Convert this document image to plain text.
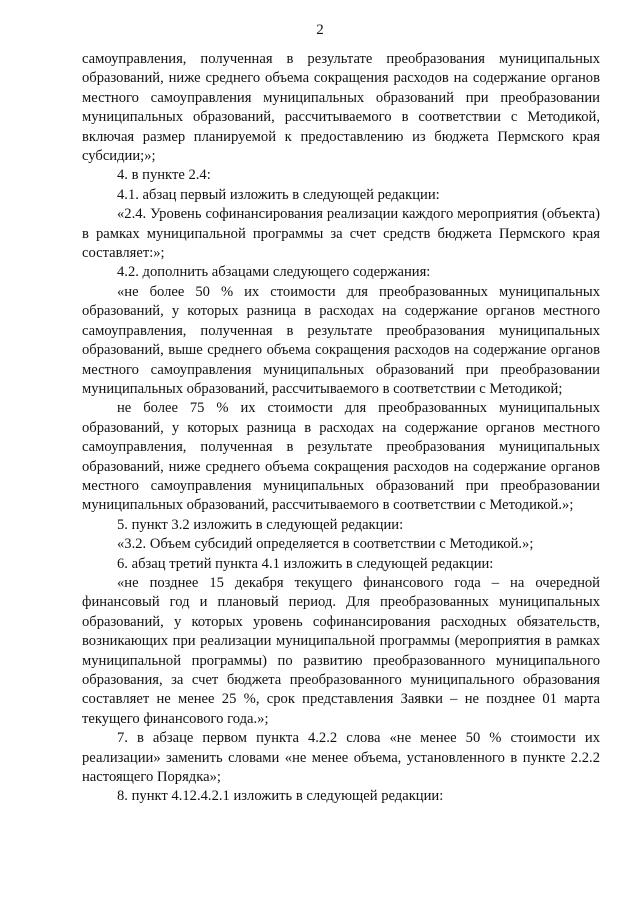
2

самоуправления, полученная в результате преобразования муниципальных образований, ниже среднего объема сокращения расходов на содержание органов местного самоуправления муниципальных образований при преобразовании муниципальных образований, рассчитываемого в соответствии с Методикой, включая размер планируемой к предоставлению из бюджета Пермского края субсидии;»;

4. в пункте 2.4:

4.1. абзац первый изложить в следующей редакции:

«2.4. Уровень софинансирования реализации каждого мероприятия (объекта) в рамках муниципальной программы за счет средств бюджета Пермского края составляет:»;

4.2. дополнить абзацами следующего содержания:

«не более 50 % их стоимости для преобразованных муниципальных образований, у которых разница в расходах на содержание органов местного самоуправления, полученная в результате преобразования муниципальных образований, выше среднего объема сокращения расходов на содержание органов местного самоуправления муниципальных образований при преобразовании муниципальных образований, рассчитываемого в соответствии с Методикой;

не более 75 % их стоимости для преобразованных муниципальных образований, у которых разница в расходах на содержание органов местного самоуправления, полученная в результате преобразования муниципальных образований, ниже среднего объема сокращения расходов на содержание органов местного самоуправления муниципальных образований при преобразовании муниципальных образований, рассчитываемого в соответствии с Методикой.»;

5. пункт 3.2 изложить в следующей редакции:

«3.2. Объем субсидий определяется в соответствии с Методикой.»;

6. абзац третий пункта 4.1 изложить в следующей редакции:

«не позднее 15 декабря текущего финансового года – на очередной финансовый год и плановый период. Для преобразованных муниципальных образований, у которых уровень софинансирования расходных обязательств, возникающих при реализации муниципальной программы (мероприятия в рамках муниципальной программы) по развитию преобразованного муниципального образования, за счет бюджета преобразованного муниципального образования составляет не менее 25 %, срок представления Заявки – не позднее 01 марта текущего финансового года.»;

7. в абзаце первом пункта 4.2.2 слова «не менее 50 % стоимости их реализации» заменить словами «не менее объема, установленного в пункте 2.2.2 настоящего Порядка»;

8. пункт 4.12.4.2.1 изложить в следующей редакции:
